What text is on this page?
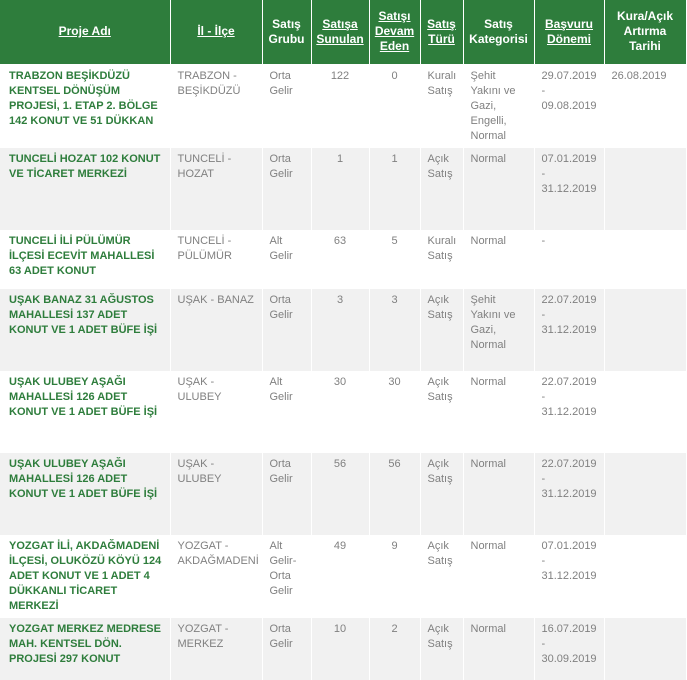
Proje Adı	İl - İlçe	Satış Grubu	Satışa Sunulan	Satışı Devam Eden	Satış Türü	Satış Kategorisi	Başvuru Dönemi	Kura/Açık Artırma Tarihi
TRABZON BEŞİKDÜZÜ KENTSEL DÖNÜŞÜM PROJESİ, 1. ETAP 2. BÖLGE 142 KONUT VE 51 DÜKKAN	TRABZON - BEŞİKDÜZÜ	Orta Gelir	122	0	Kuralı Satış	Şehit Yakını ve Gazi, Engelli, Normal	29.07.2019 - 09.08.2019	26.08.2019
TUNCELİ HOZAT 102 KONUT VE TİCARET MERKEZİ	TUNCELİ - HOZAT	Orta Gelir	1	1	Açık Satış	Normal	07.01.2019 - 31.12.2019	
TUNCELİ İLİ PÜLÜMÜR İLÇESİ ECEVİT MAHALLESİ 63 ADET KONUT	TUNCELİ - PÜLÜMÜR	Alt Gelir	63	5	Kuralı Satış	Normal	-	
UŞAK BANAZ 31 AĞUSTOS MAHALLESİ 137 ADET KONUT VE 1 ADET BÜFE İŞİ	UŞAK - BANAZ	Orta Gelir	3	3	Açık Satış	Şehit Yakını ve Gazi, Normal	22.07.2019 - 31.12.2019	
UŞAK ULUBEY AŞAĞI MAHALLESİ 126 ADET KONUT VE 1 ADET BÜFE İŞİ	UŞAK - ULUBEY	Alt Gelir	30	30	Açık Satış	Normal	22.07.2019 - 31.12.2019	
UŞAK ULUBEY AŞAĞI MAHALLESİ 126 ADET KONUT VE 1 ADET BÜFE İŞİ	UŞAK - ULUBEY	Orta Gelir	56	56	Açık Satış	Normal	22.07.2019 - 31.12.2019	
YOZGAT İLİ, AKDAĞMADENİ İLÇESİ, OLUKÖZÜ KÖYÜ 124 ADET KONUT VE 1 ADET 4 DÜKKANLI TİCARET MERKEZİ	YOZGAT - AKDAĞMADENİ	Alt Gelir-Orta Gelir	49	9	Açık Satış	Normal	07.01.2019 - 31.12.2019	
YOZGAT MERKEZ MEDRESE MAH. KENTSEL DÖN. PROJESİ 297 KONUT	YOZGAT - MERKEZ	Orta Gelir	10	2	Açık Satış	Normal	16.07.2019 - 30.09.2019	
